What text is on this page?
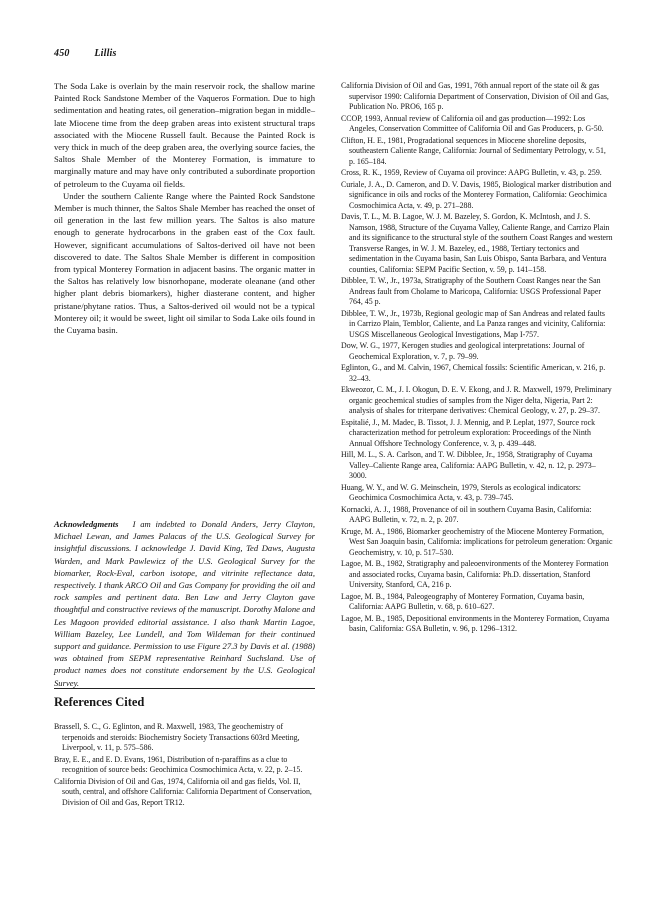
450 Lillis

The Soda Lake is overlain by the main reservoir rock, the shallow marine Painted Rock Sandstone Member of the Vaqueros Formation. Due to high sedimentation and heating rates, oil generation–migration began in middle–late Miocene time from the deep graben areas into existent structural traps associated with the Miocene Russell fault. Because the Painted Rock is very thick in much of the deep graben area, the overlying source facies, the Saltos Shale Member of the Monterey Formation, is immature to marginally mature and may have only contributed a subordinate proportion of petroleum to the Cuyama oil fields.

Under the southern Caliente Range where the Painted Rock Sandstone Member is much thinner, the Saltos Shale Member has reached the onset of oil generation in the last few million years. The Saltos is also mature enough to generate hydrocarbons in the graben east of the Cox fault. However, significant accumulations of Saltos-derived oil have not been discovered to date. The Saltos Shale Member is different in composition from typical Monterey Formation in adjacent basins. The organic matter in the Saltos has relatively low bisnorhopane, moderate oleanane (and other higher plant debris biomarkers), higher diasterane content, and higher pristane/phytane ratios. Thus, a Saltos-derived oil would not be a typical Monterey oil; it would be sweet, light oil similar to Soda Lake oils found in the Cuyama basin.

Acknowledgments I am indebted to Donald Anders, Jerry Clayton, Michael Lewan, and James Palacas of the U.S. Geological Survey for insightful discussions. I acknowledge J. David King, Ted Daws, Augusta Warden, and Mark Pawlewicz of the U.S. Geological Survey for the biomarker, Rock-Eval, carbon isotope, and vitrinite reflectance data, respectively. I thank ARCO Oil and Gas Company for providing the oil and rock samples and pertinent data. Ben Law and Jerry Clayton gave thoughtful and constructive reviews of the manuscript. Dorothy Malone and Les Magoon provided editorial assistance. I also thank Martin Lagoe, William Bazeley, Lee Lundell, and Tom Wildeman for their continued support and guidance. Permission to use Figure 27.3 by Davis et al. (1988) was obtained from SEPM representative Reinhard Suchsland. Use of product names does not constitute endorsement by the U.S. Geological Survey.

References Cited
Brassell, S. C., G. Eglinton, and R. Maxwell, 1983, The geochemistry of terpenoids and steroids: Biochemistry Society Transactions 603rd Meeting, Liverpool, v. 11, p. 575–586.
Bray, E. E., and E. D. Evans, 1961, Distribution of n-paraffins as a clue to recognition of source beds: Geochimica Cosmochimica Acta, v. 22, p. 2–15.
California Division of Oil and Gas, 1974, California oil and gas fields, Vol. II, south, central, and offshore California: California Department of Conservation, Division of Oil and Gas, Report TR12.
California Division of Oil and Gas, 1991, 76th annual report of the state oil & gas supervisor 1990: California Department of Conservation, Division of Oil and Gas, Publication No. PRO6, 165 p.
CCOP, 1993, Annual review of California oil and gas production—1992: Los Angeles, Conservation Committee of California Oil and Gas Producers, p. G-50.
Clifton, H. E., 1981, Progradational sequences in Miocene shoreline deposits, southeastern Caliente Range, California: Journal of Sedimentary Petrology, v. 51, p. 165–184.
Cross, R. K., 1959, Review of Cuyama oil province: AAPG Bulletin, v. 43, p. 259.
Curiale, J. A., D. Cameron, and D. V. Davis, 1985, Biological marker distribution and significance in oils and rocks of the Monterey Formation, California: Geochimica Cosmochimica Acta, v. 49, p. 271–288.
Davis, T. L., M. B. Lagoe, W. J. M. Bazeley, S. Gordon, K. McIntosh, and J. S. Namson, 1988, Structure of the Cuyama Valley, Caliente Range, and Carrizo Plain and its significance to the structural style of the southern Coast Ranges and western Transverse Ranges, in W. J. M. Bazeley, ed., 1988, Tertiary tectonics and sedimentation in the Cuyama basin, San Luis Obispo, Santa Barbara, and Ventura counties, California: SEPM Pacific Section, v. 59, p. 141–158.
Dibblee, T. W., Jr., 1973a, Stratigraphy of the Southern Coast Ranges near the San Andreas fault from Cholame to Maricopa, California: USGS Professional Paper 764, 45 p.
Dibblee, T. W., Jr., 1973b, Regional geologic map of San Andreas and related faults in Carrizo Plain, Temblor, Caliente, and La Panza ranges and vicinity, California: USGS Miscellaneous Geological Investigations, Map I-757.
Dow, W. G., 1977, Kerogen studies and geological interpretations: Journal of Geochemical Exploration, v. 7, p. 79–99.
Eglinton, G., and M. Calvin, 1967, Chemical fossils: Scientific American, v. 216, p. 32–43.
Ekweozor, C. M., J. I. Okogun, D. E. V. Ekong, and J. R. Maxwell, 1979, Preliminary organic geochemical studies of samples from the Niger delta, Nigeria, Part 2: analysis of shales for triterpane derivatives: Chemical Geology, v. 27, p. 29–37.
Espitalié, J., M. Madec, B. Tissot, J. J. Mennig, and P. Leplat, 1977, Source rock characterization method for petroleum exploration: Proceedings of the Ninth Annual Offshore Technology Conference, v. 3, p. 439–448.
Hill, M. L., S. A. Carlson, and T. W. Dibblee, Jr., 1958, Stratigraphy of Cuyama Valley–Caliente Range area, California: AAPG Bulletin, v. 42, n. 12, p. 2973–3000.
Huang, W. Y., and W. G. Meinschein, 1979, Sterols as ecological indicators: Geochimica Cosmochimica Acta, v. 43, p. 739–745.
Kornacki, A. J., 1988, Provenance of oil in southern Cuyama Basin, California: AAPG Bulletin, v. 72, n. 2, p. 207.
Kruge, M. A., 1986, Biomarker geochemistry of the Miocene Monterey Formation, West San Joaquin basin, California: implications for petroleum generation: Organic Geochemistry, v. 10, p. 517–530.
Lagoe, M. B., 1982, Stratigraphy and paleoenvironments of the Monterey Formation and associated rocks, Cuyama basin, California: Ph.D. dissertation, Stanford University, Stanford, CA, 216 p.
Lagoe, M. B., 1984, Paleogeography of Monterey Formation, Cuyama basin, California: AAPG Bulletin, v. 68, p. 610–627.
Lagoe, M. B., 1985, Depositional environments in the Monterey Formation, Cuyama basin, California: GSA Bulletin, v. 96, p. 1296–1312.
